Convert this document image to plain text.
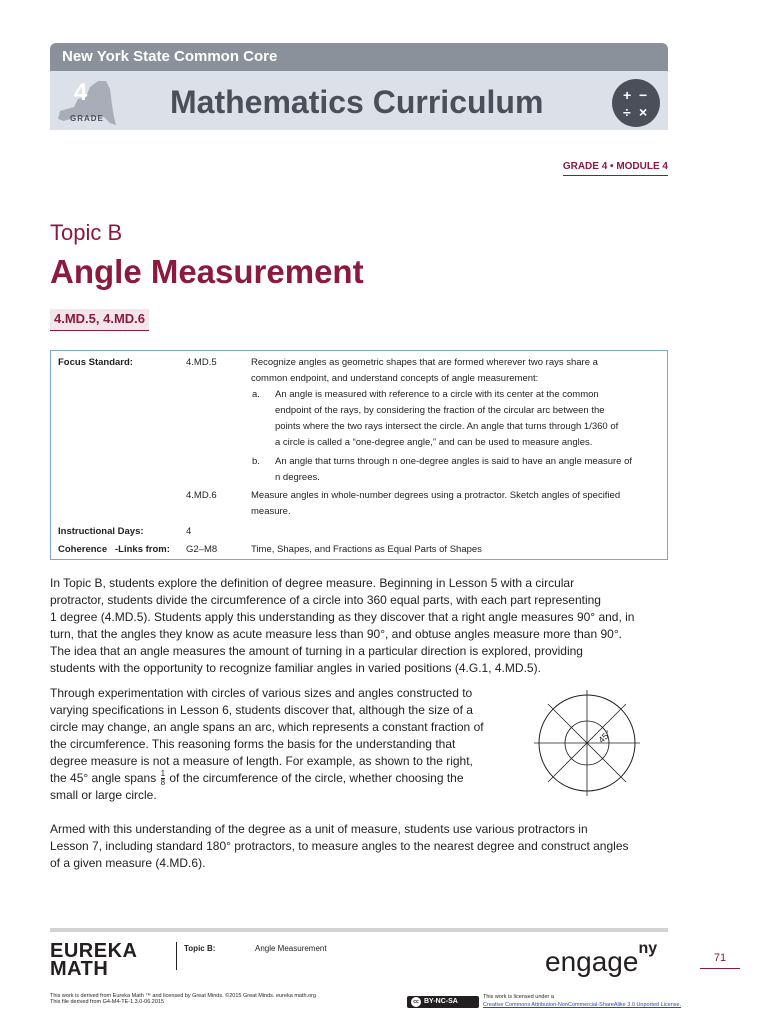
New York State Common Core
4
GRADE Mathematics Curriculum	+ −
÷ ×
GRADE 4 • MODULE 4
Topic B
Angle Measurement
4.MD.5, 4.MD.6
Focus Standard:	4.MD.5	Recognize angles as geometric shapes that are formed wherever two rays share a
common endpoint, and understand concepts of angle measurement:
a. An angle is measured with reference to a circle with its center at the common
endpoint of the rays, by considering the fraction of the circular arc between the
points where the two rays intersect the circle. An angle that turns through 1/360 of
a circle is called a “one-degree angle,” and can be used to measure angles.
b. An angle that turns through n one-degree angles is said to have an angle measure of
n degrees.
4.MD.6	Measure angles in whole-number degrees using a protractor. Sketch angles of specified
measure.
Instructional Days:	4
Coherence   -Links from: G2–M8	Time, Shapes, and Fractions as Equal Parts of Shapes
In Topic B, students explore the definition of degree measure. Beginning in Lesson 5 with a circular
protractor, students divide the circumference of a circle into 360 equal parts, with each part representing
1 degree (4.MD.5). Students apply this understanding as they discover that a right angle measures 90° and, in
turn, that the angles they know as acute measure less than 90°, and obtuse angles measure more than 90°.
The idea that an angle measures the amount of turning in a particular direction is explored, providing
students with the opportunity to recognize familiar angles in varied positions (4.G.1, 4.MD.5).
Through experimentation with circles of various sizes and angles constructed to
varying specifications in Lesson 6, students discover that, although the size of a
circle may change, an angle spans an arc, which represents a constant fraction of
the circumference. This reasoning forms the basis for the understanding that
degree measure is not a measure of length. For example, as shown to the right,
the 45° angle spans $\frac{1}{8}$ of the circumference of the circle, whether choosing the
small or large circle.
45°
Armed with this understanding of the degree as a unit of measure, students use various protractors in
Lesson 7, including standard 180° protractors, to measure angles to the nearest degree and construct angles
of a given measure (4.MD.6).
EUREKA
MATH
Topic B:	Angle Measurement	engage$^{ny}$
71
This work is derived from Eureka Math ™ and licensed by Great Minds. ©2015 Great Minds. eureka math.org
This file derived from G4-M4-TE-1.3.0-06.2015	cc BY-NC-SA
This work is licensed under a
Creative Commons Attribution-NonCommercial-ShareAlike 3.0 Unported License.
